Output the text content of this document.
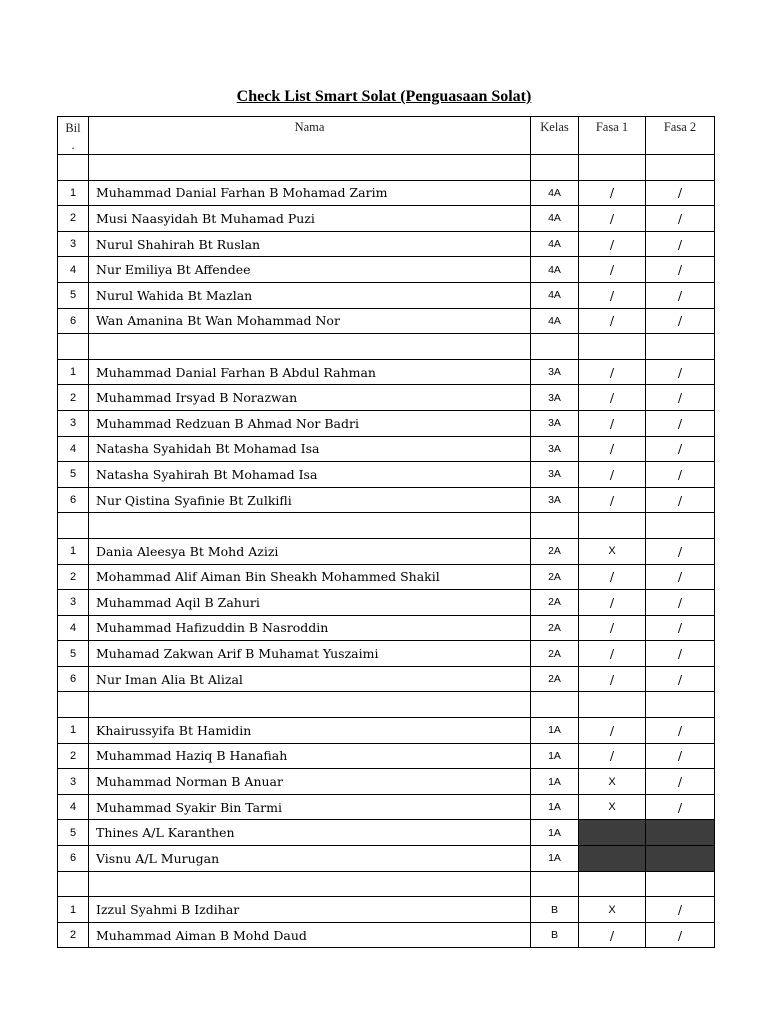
Check List Smart Solat (Penguasaan Solat)
Bil
.	Nama	Kelas	Fasa 1	Fasa 2

1	Muhammad Danial Farhan B Mohamad Zarim	4A	/	/
2	Musi Naasyidah Bt Muhamad Puzi	4A	/	/
3	Nurul Shahirah Bt Ruslan	4A	/	/
4	Nur Emiliya Bt Affendee	4A	/	/
5	Nurul Wahida Bt Mazlan	4A	/	/
6	Wan Amanina Bt Wan Mohammad Nor	4A	/	/

1	Muhammad Danial Farhan B Abdul Rahman	3A	/	/
2	Muhammad Irsyad B Norazwan	3A	/	/
3	Muhammad Redzuan B Ahmad Nor Badri	3A	/	/
4	Natasha Syahidah Bt Mohamad Isa	3A	/	/
5	Natasha Syahirah Bt Mohamad Isa	3A	/	/
6	Nur Qistina Syafinie Bt Zulkifli	3A	/	/

1	Dania Aleesya Bt Mohd Azizi	2A	X	/
2	Mohammad Alif Aiman Bin Sheakh Mohammed Shakil	2A	/	/
3	Muhammad Aqil B Zahuri	2A	/	/
4	Muhammad Hafizuddin B Nasroddin	2A	/	/
5	Muhamad Zakwan Arif B Muhamat Yuszaimi	2A	/	/
6	Nur Iman Alia Bt Alizal	2A	/	/

1	Khairussyifa Bt Hamidin	1A	/	/
2	Muhammad Haziq B Hanafiah	1A	/	/
3	Muhammad Norman B Anuar	1A	X	/
4	Muhammad Syakir Bin Tarmi	1A	X	/
5	Thines A/L Karanthen	1A		
6	Visnu A/L Murugan	1A		

1	Izzul Syahmi B Izdihar	B	X	/
2	Muhammad Aiman B Mohd Daud	B	/	/
